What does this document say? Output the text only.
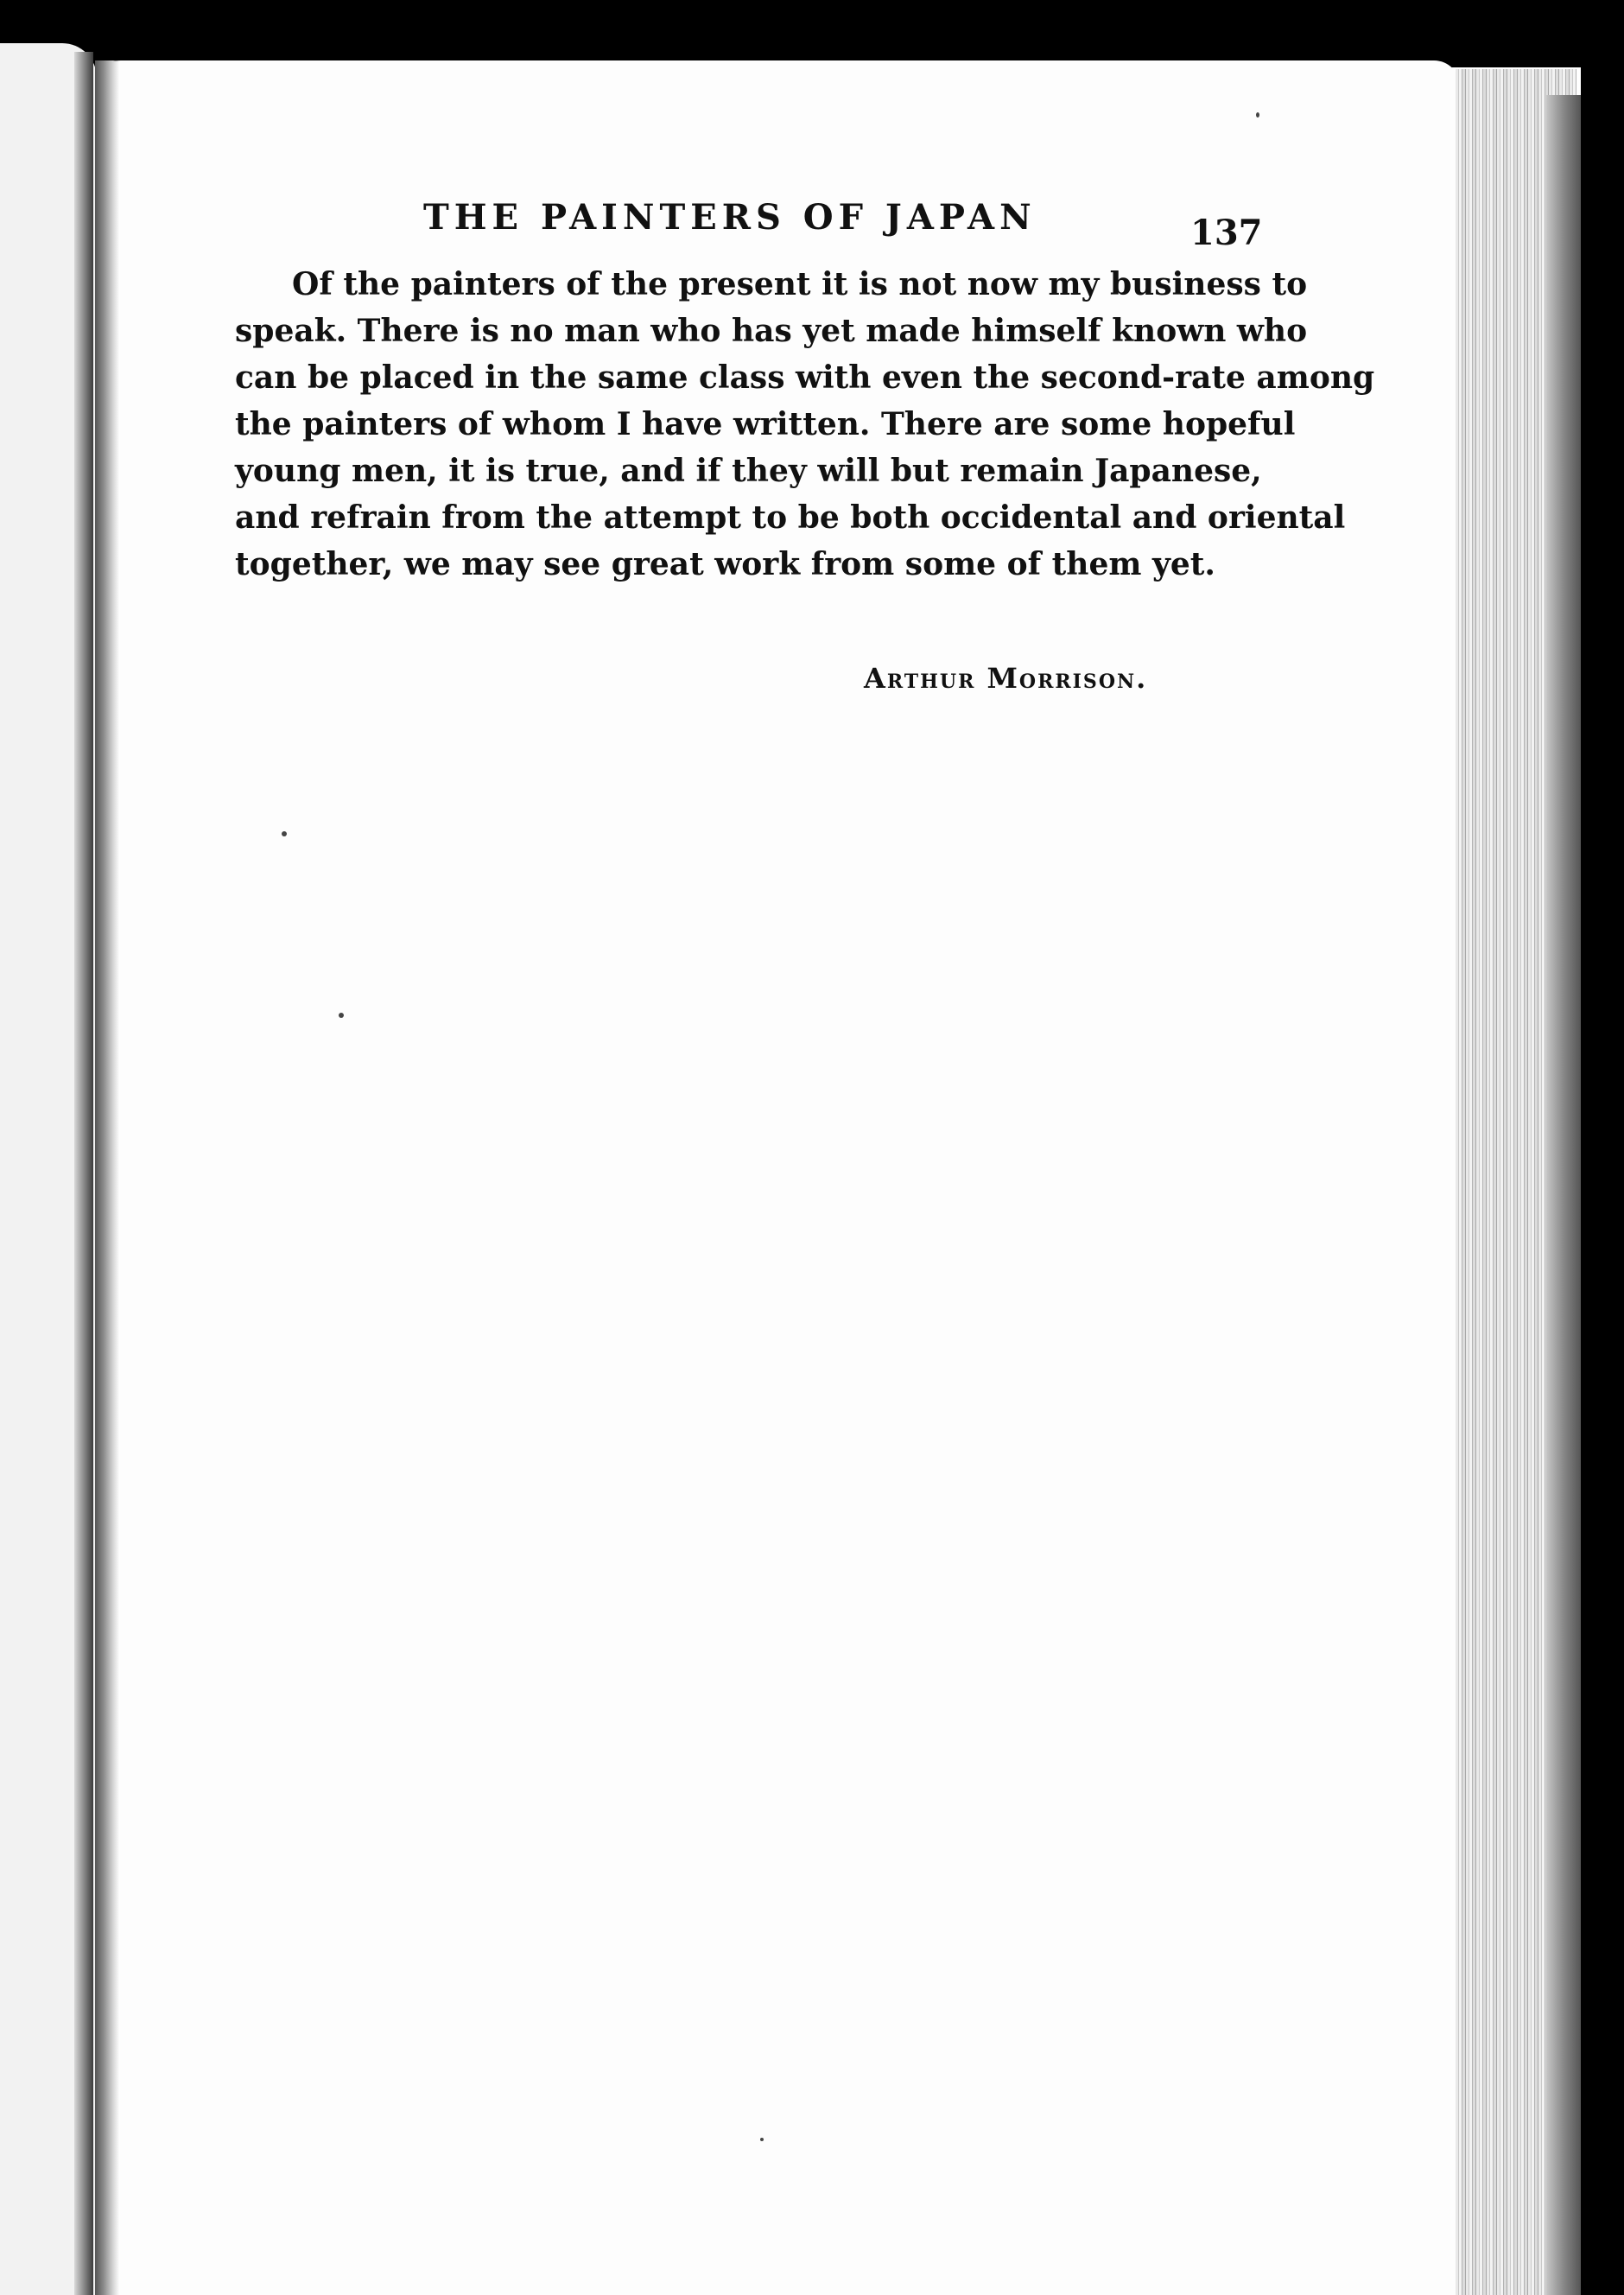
THE PAINTERS OF JAPAN	137
Of the painters of the present it is not now my business to
speak. There is no man who has yet made himself known who
can be placed in the same class with even the second-rate among
the painters of whom I have written. There are some hopeful
young men, it is true, and if they will but remain Japanese,
and refrain from the attempt to be both occidental and oriental
together, we may see great work from some of them yet.
Arthur Morrison.
